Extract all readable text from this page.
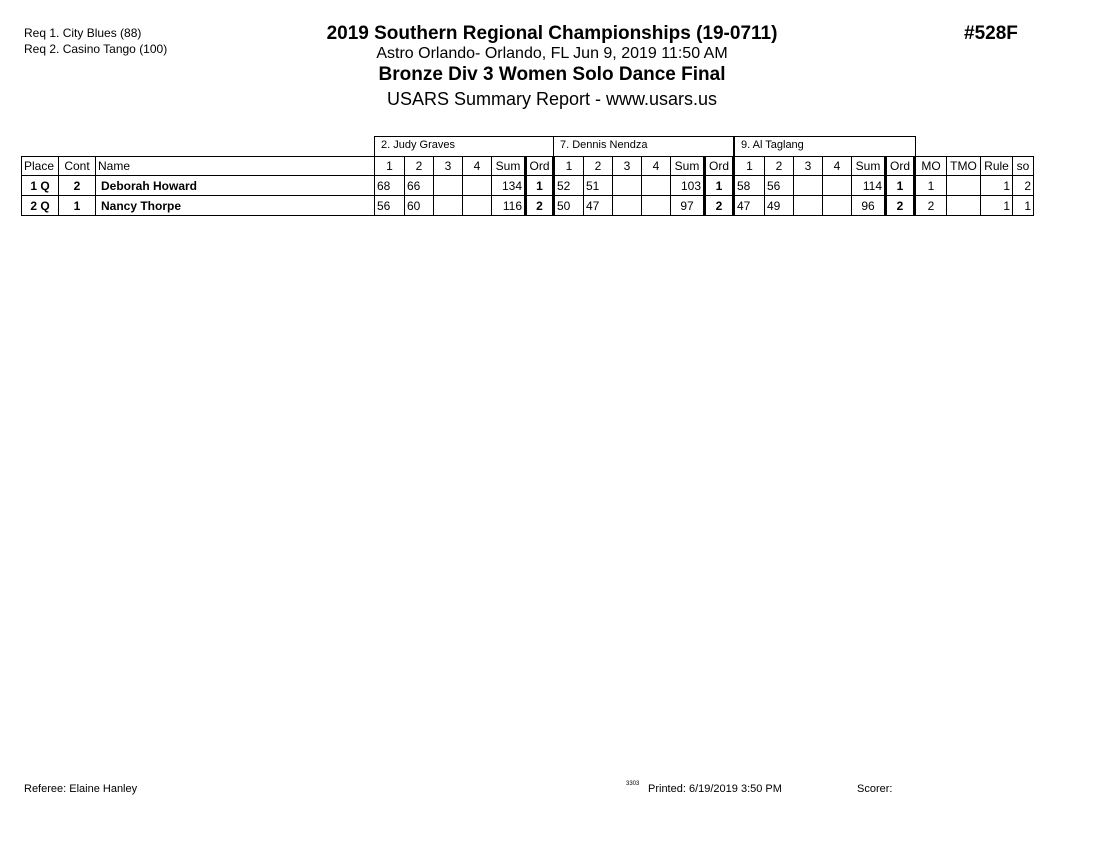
Req 1. City Blues (88)
Req 2. Casino Tango (100)
2019 Southern Regional Championships (19-0711)
Astro Orlando- Orlando, FL Jun 9, 2019 11:50 AM
Bronze Div 3 Women Solo Dance Final
USARS Summary Report - www.usars.us
#528F
2. Judy Graves	7. Dennis Nendza	9. Al Taglang
Place	Cont	Name	1	2	3	4	Sum	Ord	1	2	3	4	Sum	Ord	1	2	3	4	Sum	Ord	MO	TMO	Rule	so
1 Q	2	Deborah Howard	68	66			134	1	52	51			103	1	58	56			114	1	1		1	2
2 Q	1	Nancy Thorpe	56	60			116	2	50	47			97	2	47	49			96	2	2		1	1
Referee: Elaine Hanley	3303 Printed: 6/19/2019 3:50 PM	Scorer:
